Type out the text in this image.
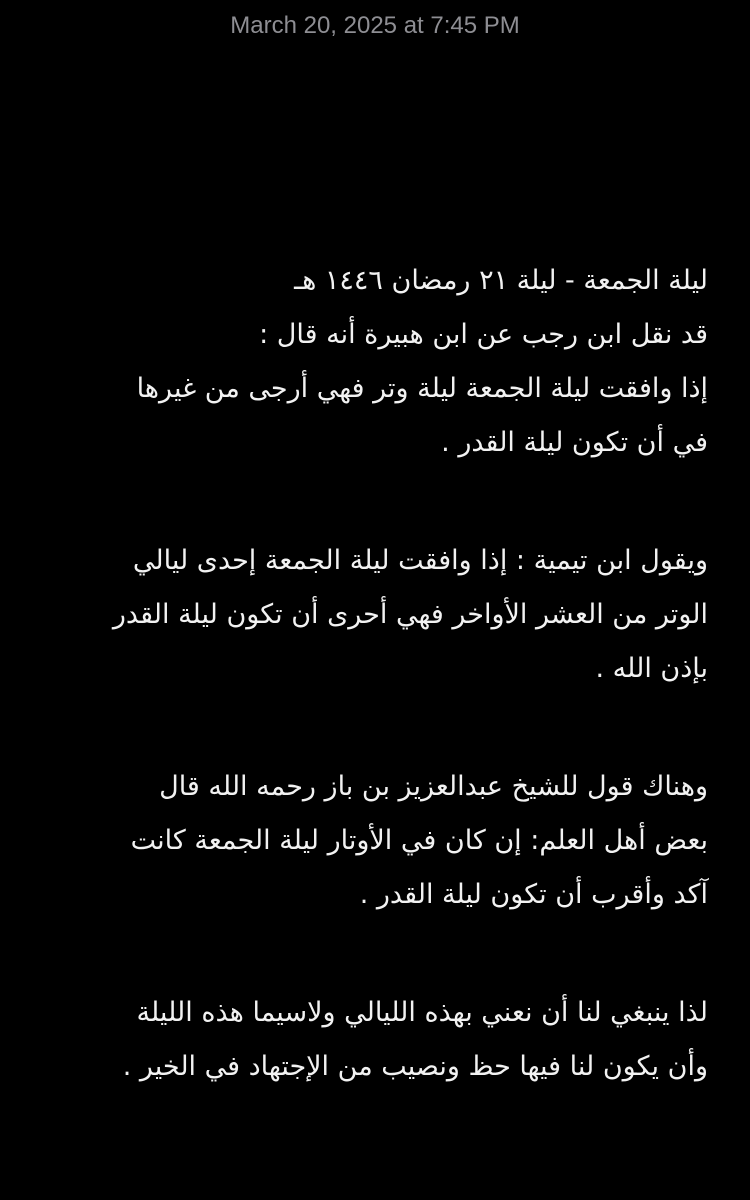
March 20, 2025 at 7:45 PM
ليلة الجمعة - ليلة ٢١ رمضان ١٤٤٦ هـ
قد نقل ابن رجب عن ابن هبيرة أنه قال :
إذا وافقت ليلة الجمعة ليلة وتر فهي أرجى من غيرها
في أن تكون ليلة القدر .
ويقول ابن تيمية : إذا وافقت ليلة الجمعة إحدى ليالي
الوتر من العشر الأواخر فهي أحرى أن تكون ليلة القدر
بإذن الله .
وهناك قول للشيخ عبدالعزيز بن باز رحمه الله قال
بعض أهل العلم: إن كان في الأوتار ليلة الجمعة كانت
آكد وأقرب أن تكون ليلة القدر .
لذا ينبغي لنا أن نعني بهذه الليالي ولاسيما هذه الليلة
وأن يكون لنا فيها حظ ونصيب من الإجتهاد في الخير .
